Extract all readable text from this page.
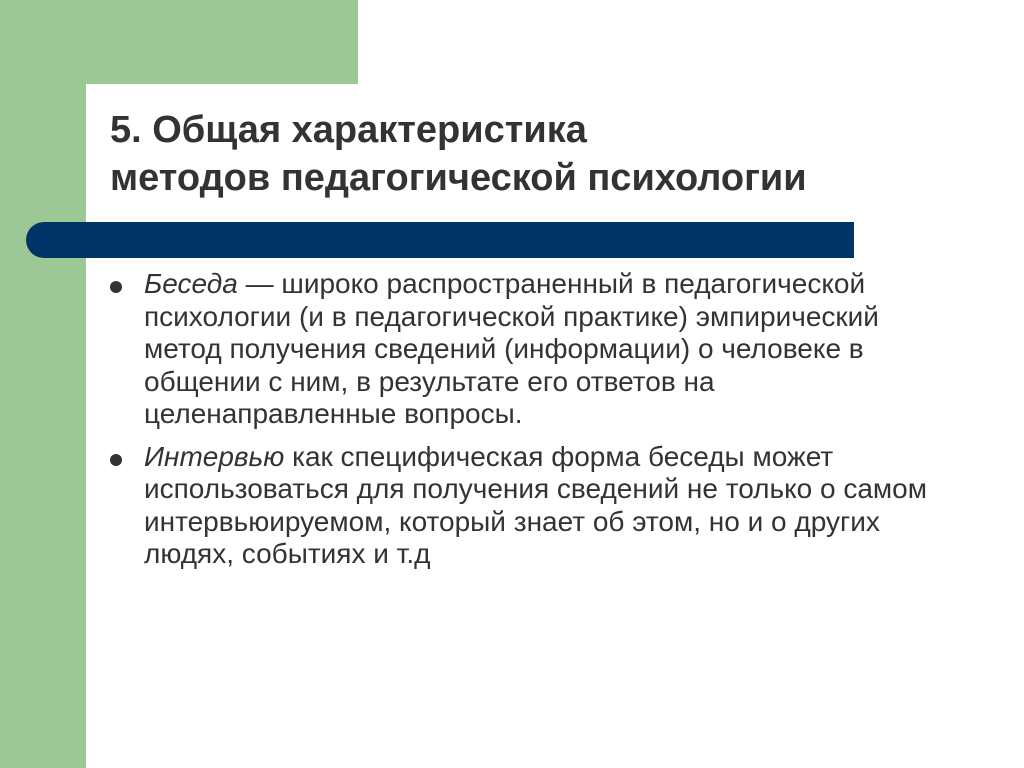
5. Общая характеристика
методов педагогической психологии
Беседа — широко распространенный в педагогической психологии (и в педагогической практике) эмпирический метод получения сведений (информации) о человеке в общении с ним, в результате его ответов на целенаправленные вопросы.
Интервью как специфическая форма беседы может использоваться для получения сведений не только о самом интервьюируемом, который знает об этом, но и о других людях, событиях и т.д
